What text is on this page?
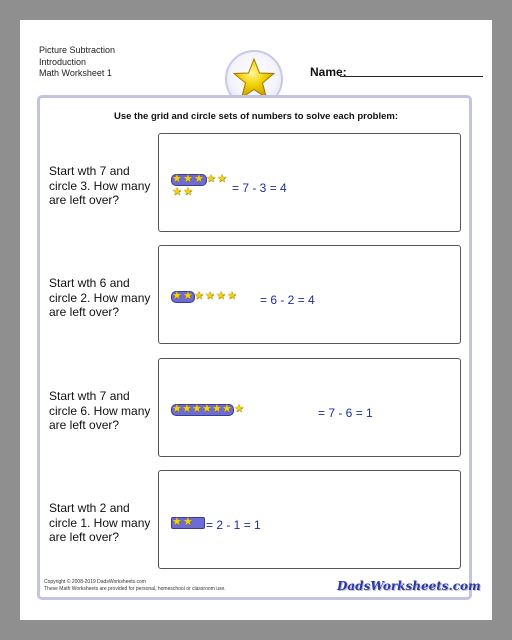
Picture Subtraction
Introduction
Math Worksheet 1	Name:
Use the grid and circle sets of numbers to solve each problem:
Start wth 7 and
circle 3. How many
are left over?
★ ★ ★ ★ ★
★ ★	= 7 - 3 = 4
Start wth 6 and
circle 2. How many
are left over?
★ ★ ★ ★ ★ ★ = 6 - 2 = 4
Start wth 7 and
circle 6. How many
are left over?
★ ★ ★ ★ ★ ★ ★	= 7 - 6 = 1
Start wth 2 and
circle 1. How many
are left over?
★ ★ = 2 - 1 = 1
Copyright © 2008-2019 DadsWorksheets.com
These Math Worksheets are provided for personal, homeschool or classroom use.	DadsWorksheets.com
